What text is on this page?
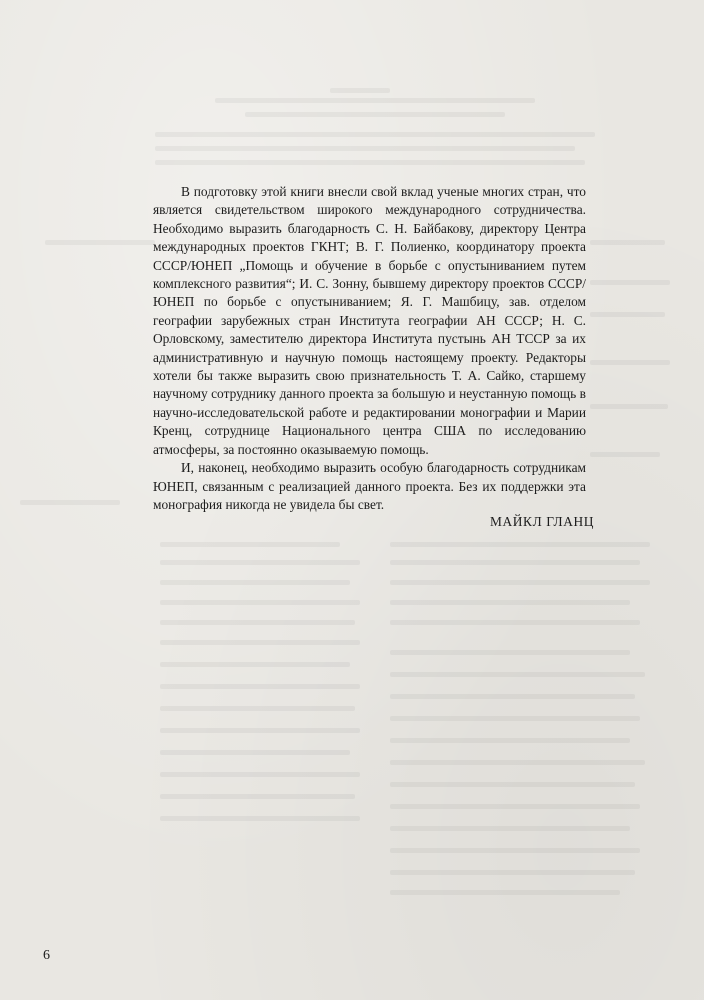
В подготовку этой книги внесли свой вклад ученые многих стран, что является свидетельством широкого международного сотрудничества. Необходимо выразить благодарность С. Н. Байбакову, директору Центра международных проектов ГКНТ; В. Г. Полиенко, координатору проекта СССР/ЮНЕП „Помощь и обучение в борьбе с опустыниванием путем комплексного развития“; И. С. Зонну, бывшему директору проектов СССР/ЮНЕП по борьбе с опустыниванием; Я. Г. Машбицу, зав. отделом географии зарубежных стран Института географии АН СССР; Н. С. Орловскому, заместителю директора Института пустынь АН ТССР за их административную и научную помощь настоящему проекту. Редакторы хотели бы также выразить свою признательность Т. А. Сайко, старшему научному сотруднику данного проекта за большую и неустанную помощь в научно-исследовательской работе и редактировании монографии и Марии Кренц, сотруднице Национального центра США по исследованию атмосферы, за постоянно оказываемую помощь.

И, наконец, необходимо выразить особую благодарность сотрудникам ЮНЕП, связанным с реализацией данного проекта. Без их поддержки эта монография никогда не увидела бы свет.

МАЙКЛ ГЛАНЦ
6
